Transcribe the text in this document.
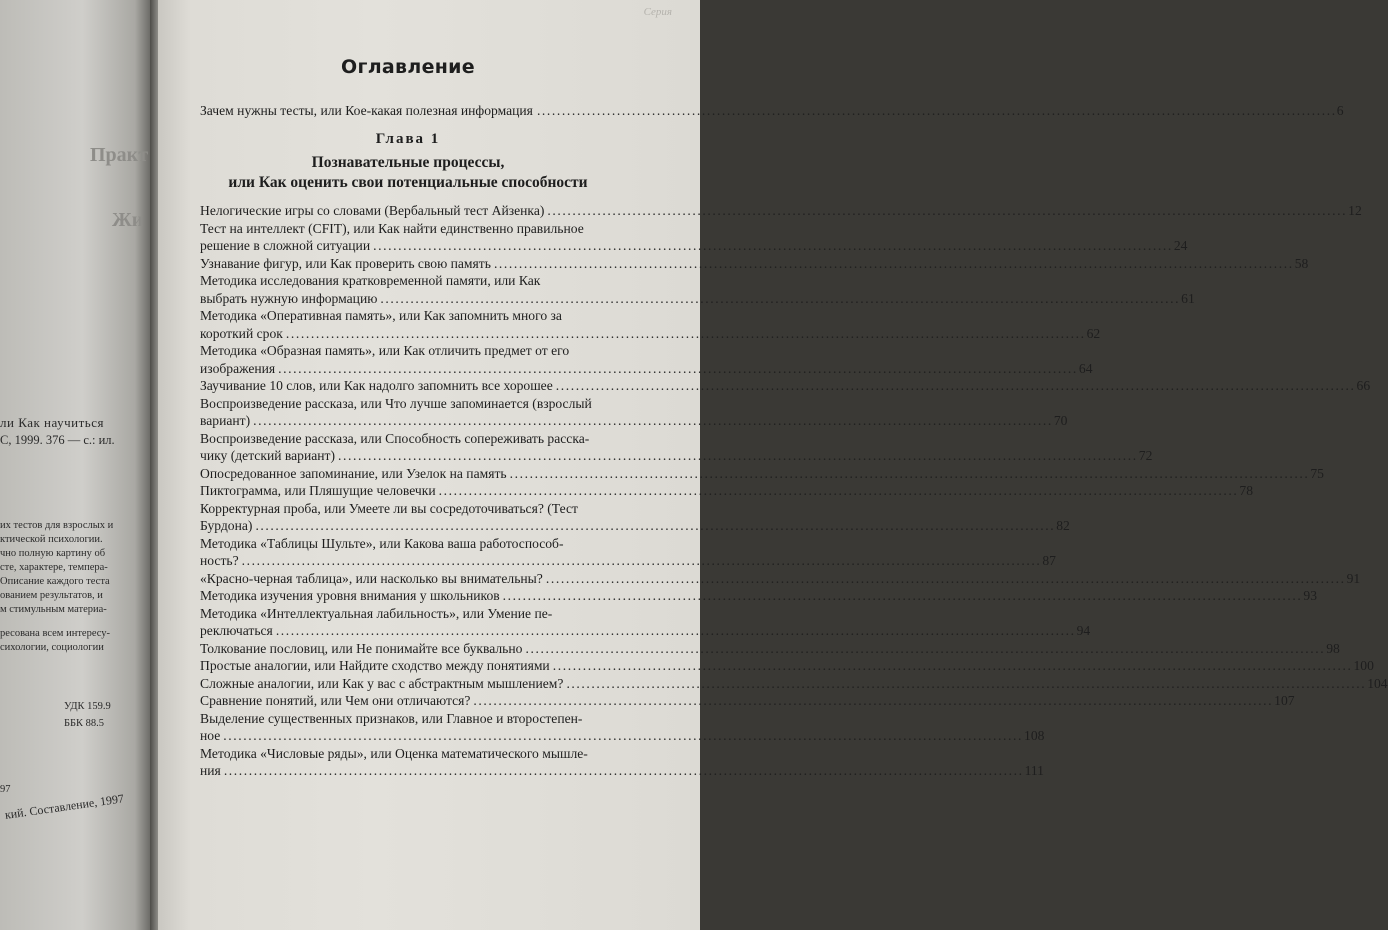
Практ
Жи
ли Как научиться
С, 1999. 376 — с.: ил.
их тестов для взрослых и
ктической психологии.
чно полную картину об
сте, характере, темпера-
Описание каждого теста
ованием результатов, и
м стимульным материа-
ресована всем интересу-
сихологии, социологии
УДК 159.9
ББК 88.5
97
кий. Составление, 1997
Серия
Оглавление
Зачем нужны тесты, или Кое-какая полезная информация ................................................................................................................................................................ 6
Глава 1
Познавательные процессы,
или Как оценить свои потенциальные способности
Нелогические игры со словами (Вербальный тест Айзенка) ................................................................................................................................................................ 12
Тест на интеллект (CFIT), или Как найти единственно правильное
решение в сложной ситуации ................................................................................................................................................................ 24
Узнавание фигур, или Как проверить свою память ................................................................................................................................................................ 58
Методика исследования кратковременной памяти, или Как
выбрать нужную информацию ................................................................................................................................................................ 61
Методика «Оперативная память», или Как запомнить много за
короткий срок ................................................................................................................................................................ 62
Методика «Образная память», или Как отличить предмет от его
изображения ................................................................................................................................................................ 64
Заучивание 10 слов, или Как надолго запомнить все хорошее ................................................................................................................................................................ 66
Воспроизведение рассказа, или Что лучше запоминается (взрослый
вариант) ................................................................................................................................................................ 70
Воспроизведение рассказа, или Способность сопереживать расска-
чику (детский вариант) ................................................................................................................................................................ 72
Опосредованное запоминание, или Узелок на память ................................................................................................................................................................ 75
Пиктограмма, или Пляшущие человечки ................................................................................................................................................................ 78
Корректурная проба, или Умеете ли вы сосредоточиваться? (Тест
Бурдона) ................................................................................................................................................................ 82
Методика «Таблицы Шульте», или Какова ваша работоспособ-
ность? ................................................................................................................................................................ 87
«Красно-черная таблица», или насколько вы внимательны? ................................................................................................................................................................ 91
Методика изучения уровня внимания у школьников ................................................................................................................................................................ 93
Методика «Интеллектуальная лабильность», или Умение пе-
реключаться ................................................................................................................................................................ 94
Толкование пословиц, или Не понимайте все буквально ................................................................................................................................................................ 98
Простые аналогии, или Найдите сходство между понятиями ................................................................................................................................................................ 100
Сложные аналогии, или Как у вас с абстрактным мышлением? ................................................................................................................................................................ 104
Сравнение понятий, или Чем они отличаются? ................................................................................................................................................................ 107
Выделение существенных признаков, или Главное и второстепен-
ное ................................................................................................................................................................ 108
Методика «Числовые ряды», или Оценка математического мышле-
ния ................................................................................................................................................................ 111
